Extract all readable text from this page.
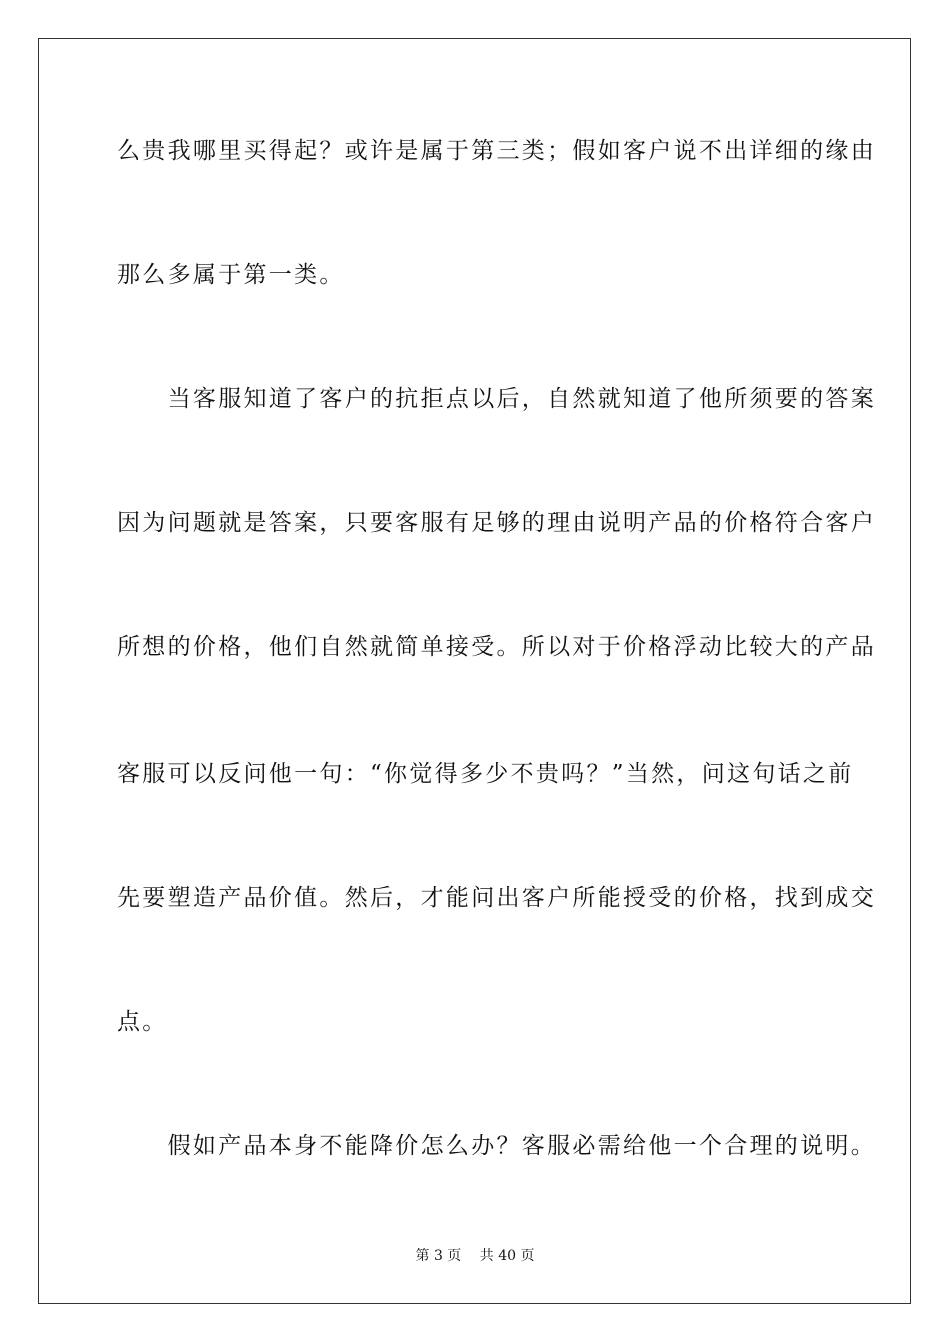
么贵我哪里买得起？或许是属于第三类；假如客户说不出详细的缘由
那么多属于第一类。
　　当客服知道了客户的抗拒点以后，自然就知道了他所须要的答案
因为问题就是答案，只要客服有足够的理由说明产品的价格符合客户
所想的价格，他们自然就简单接受。所以对于价格浮动比较大的产品
客服可以反问他一句：“你觉得多少不贵吗？”当然，问这句话之前
先要塑造产品价值。然后，才能问出客户所能授受的价格，找到成交
点。
　　假如产品本身不能降价怎么办？客服必需给他一个合理的说明。
第 3 页　 共 40 页
